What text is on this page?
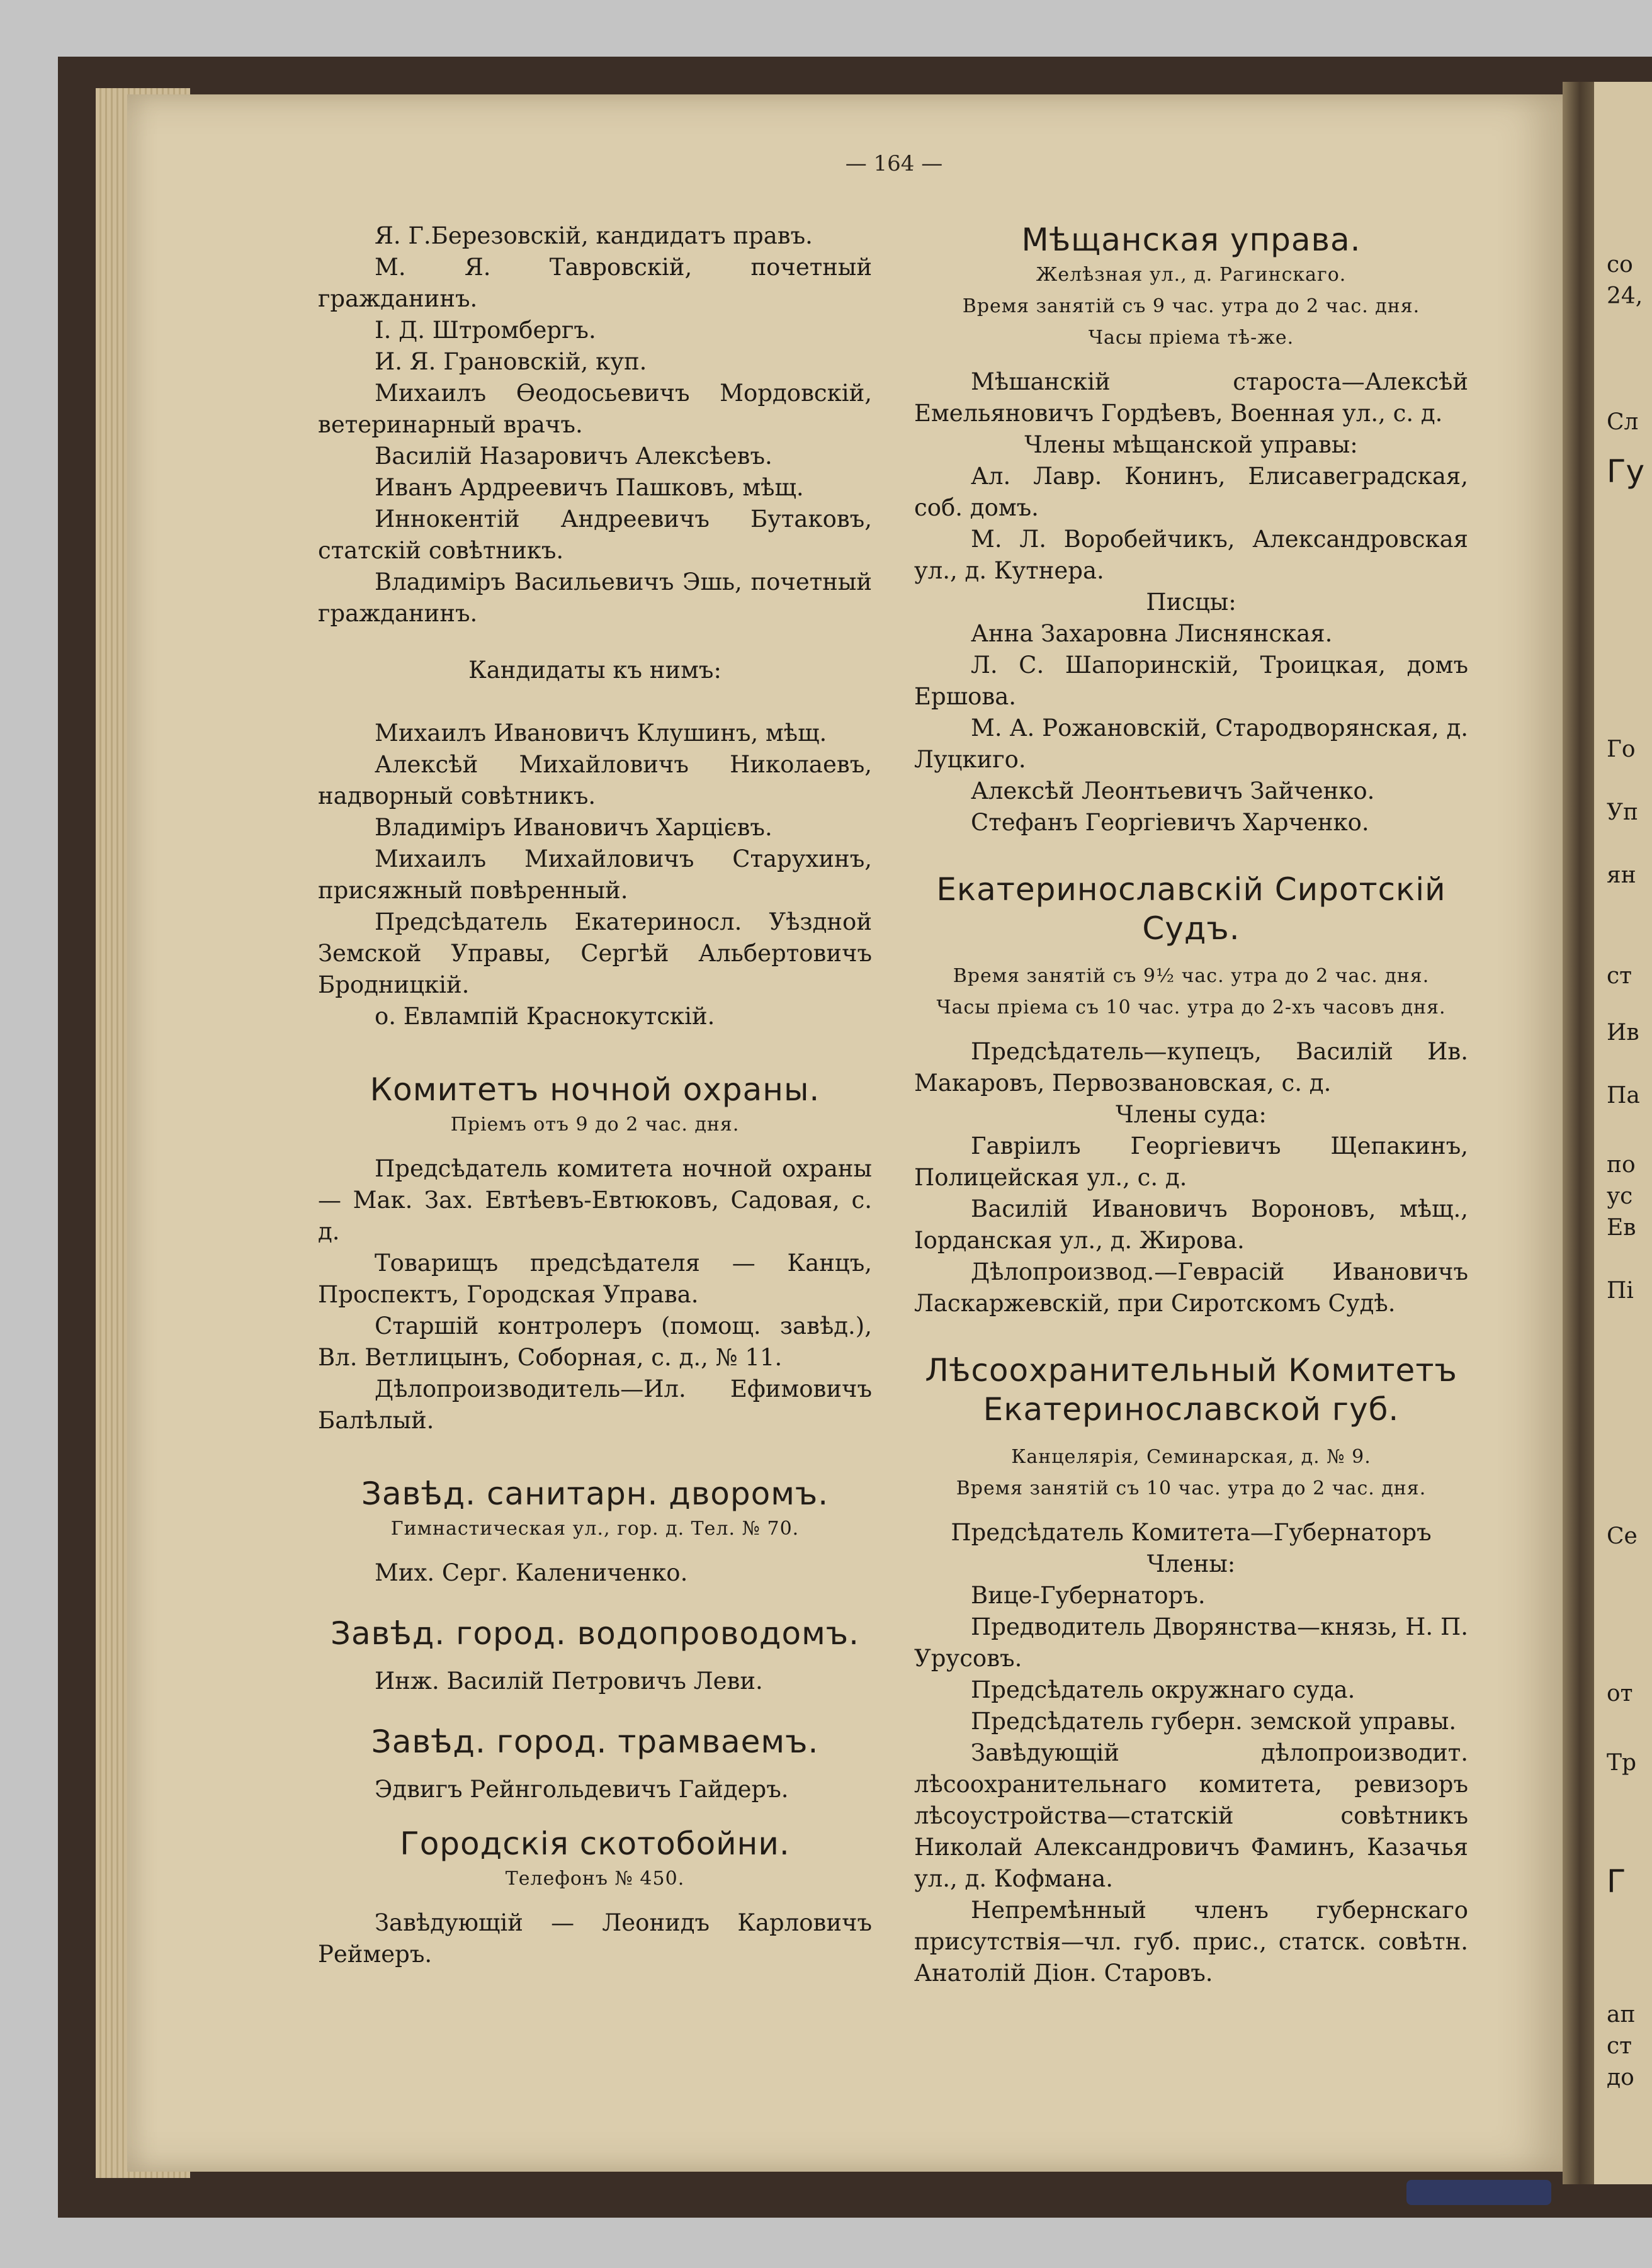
со
24,
Сл
Гу
Го
Уп
ян
ст
Ив
Па
по
ус
Ев
Пі
Се
от
Тр
Г
ап
ст
до
— 164 —

Я. Г.Березовскій, кандидатъ правъ.

М. Я. Тавровскій, почетный гражданинъ.

І. Д. Штромбергъ.

И. Я. Грановскій, куп.

Михаилъ Ѳеодосьевичъ Мордовскій, ветеринарный врачъ.

Василій Назаровичъ Алексѣевъ.

Иванъ Ардреевичъ Пашковъ, мѣщ.

Иннокентій Андреевичъ Бутаковъ, статскій совѣтникъ.

Владиміръ Васильевичъ Эшь, почетный гражданинъ.

Кандидаты къ нимъ:

Михаилъ Ивановичъ Клушинъ, мѣщ.

Алексѣй Михайловичъ Николаевъ, надворный совѣтникъ.

Владиміръ Ивановичъ Харцієвъ.

Михаилъ Михайловичъ Старухинъ, присяжный повѣренный.

Предсѣдатель Екатериносл. Уѣздной Земской Управы, Сергѣй Альбертовичъ Бродницкій.

о. Евлампій Краснокутскій.

Комитетъ ночной охраны.

Пріемъ отъ 9 до 2 час. дня.

Предсѣдатель комитета ночной охраны— Мак. Зах. Евтѣевъ-Евтюковъ, Садовая, с. д.

Товарищъ предсѣдателя — Канцъ, Проспектъ, Городская Управа.

Старшій контролеръ (помощ. завѣд.), Вл. Ветлицынъ, Соборная, с. д., № 11.

Дѣлопроизводитель—Ил. Ефимовичъ Балѣлый.

Завѣд. санитарн. дворомъ.

Гимнастическая ул., гор. д. Тел. № 70.

Мих. Серг. Калениченко.

Завѣд. город. водопроводомъ.

Инж. Василій Петровичъ Леви.

Завѣд. город. трамваемъ.

Эдвигъ Рейнгольдевичъ Гайдеръ.

Городскія скотобойни.

Телефонъ № 450.

Завѣдующій — Леонидъ Карловичъ Реймеръ.

Мѣщанская управа.

Желѣзная ул., д. Рагинскаго.

Время занятій съ 9 час. утра до 2 час. дня.

Часы пріема тѣ-же.

Мѣшанскій староста—Алексѣй Емельяновичъ Гордѣевъ, Военная ул., с. д.

Члены мѣщанской управы:

Ал. Лавр. Конинъ, Елисавеградская, соб. домъ.

М. Л. Воробейчикъ, Александровская ул., д. Кутнера.

Писцы:

Анна Захаровна Лиснянская.

Л. С. Шапоринскій, Троицкая, домъ Ершова.

М. А. Рожановскій, Стародворянская, д. Луцкиго.

Алексѣй Леонтьевичъ Зайченко.

Стефанъ Георгіевичъ Харченко.

Екатеринославскій Сиротскій Судъ.

Время занятій съ 9½ час. утра до 2 час. дня.

Часы пріема съ 10 час. утра до 2-хъ часовъ дня.

Предсѣдатель—купецъ, Василій Ив. Макаровъ, Первозвановская, с. д.

Члены суда:

Гавріилъ Георгіевичъ Щепакинъ, Полицейская ул., с. д.

Василій Ивановичъ Вороновъ, мѣщ., Іорданская ул., д. Жирова.

Дѣлопроизвод.—Геврасій Ивановичъ Ласкаржевскій, при Сиротскомъ Судѣ.

Лѣсоохранительный Комитетъ Екатеринославской губ.

Канцелярія, Семинарская, д. № 9.

Время занятій съ 10 час. утра до 2 час. дня.

Предсѣдатель Комитета—Губернаторъ

Члены:

Вице-Губернаторъ.

Предводитель Дворянства—князь, Н. П. Урусовъ.

Предсѣдатель окружнаго суда.

Предсѣдатель губерн. земской управы.

Завѣдующій дѣлопроизводит. лѣсоохранительнаго комитета, ревизоръ лѣсоустройства—статскій совѣтникъ Николай Александровичъ Фаминъ, Казачья ул., д. Кофмана.

Непремѣнный членъ губернскаго присутствія—чл. губ. прис., статск. совѣтн. Анатолій Діон. Старовъ.
